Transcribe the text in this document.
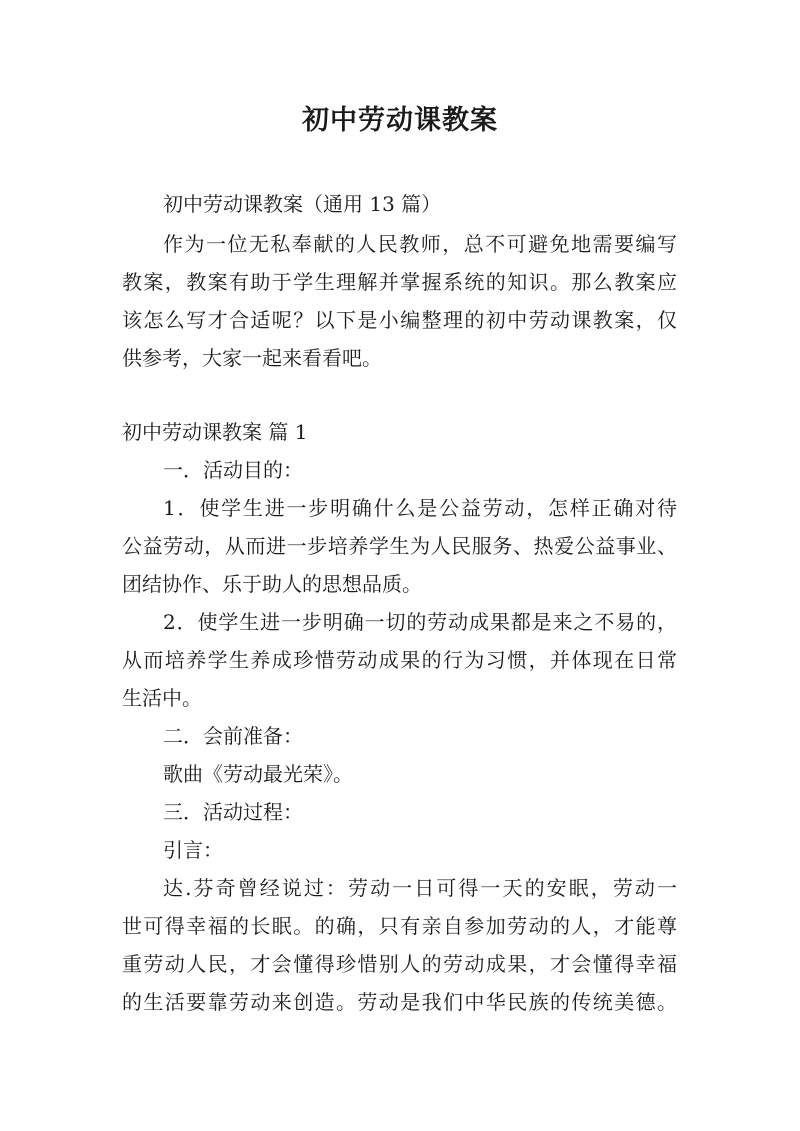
初中劳动课教案

初中劳动课教案（通用 13 篇）

作为一位无私奉献的人民教师，总不可避免地需要编写

教案，教案有助于学生理解并掌握系统的知识。那么教案应

该怎么写才合适呢？以下是小编整理的初中劳动课教案，仅

供参考，大家一起来看看吧。

初中劳动课教案 篇 1

一．活动目的：

1．使学生进一步明确什么是公益劳动，怎样正确对待

公益劳动，从而进一步培养学生为人民服务、热爱公益事业、

团结协作、乐于助人的思想品质。

2．使学生进一步明确一切的劳动成果都是来之不易的，

从而培养学生养成珍惜劳动成果的行为习惯，并体现在日常

生活中。

二．会前准备：

歌曲《劳动最光荣》。

三．活动过程：

引言：

达.芬奇曾经说过：劳动一日可得一天的安眠，劳动一

世可得幸福的长眠。的确，只有亲自参加劳动的人，才能尊

重劳动人民，才会懂得珍惜别人的劳动成果，才会懂得幸福

的生活要靠劳动来创造。劳动是我们中华民族的传统美德。
